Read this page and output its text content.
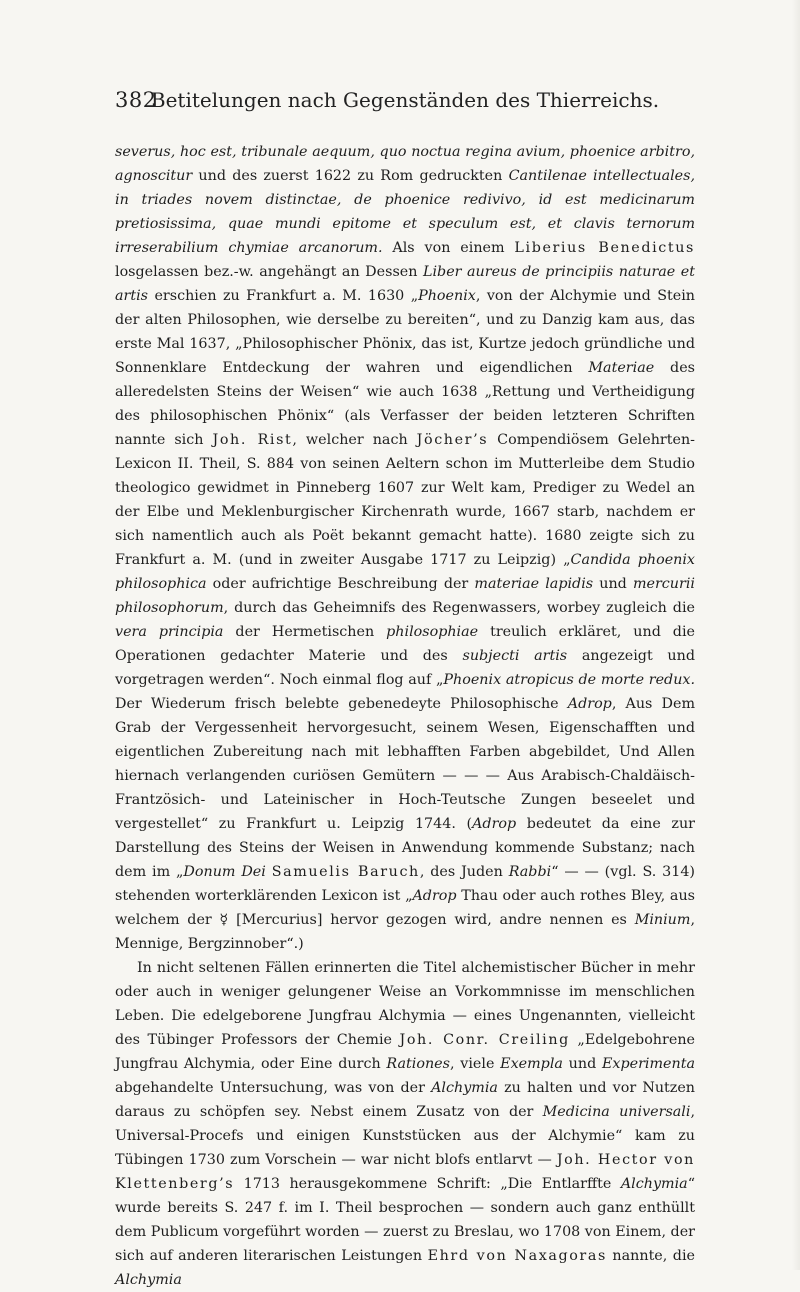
382
Betitelungen nach Gegenständen des Thierreichs.

severus, hoc est, tribunale aequum, quo noctua regina avium, phoenice arbitro, agnoscitur und des zuerst 1622 zu Rom gedruckten Cantilenae intellectuales, in triades novem distinctae, de phoenice redivivo, id est medicinarum pretiosissima, quae mundi epitome et speculum est, et clavis ternorum irreserabilium chymiae arcanorum. Als von einem Liberius Benedictus losgelassen bez.-w. angehängt an Dessen Liber aureus de principiis naturae et artis erschien zu Frankfurt a. M. 1630 „Phoenix, von der Alchymie und Stein der alten Philosophen, wie derselbe zu bereiten“, und zu Danzig kam aus, das erste Mal 1637, „Philosophischer Phönix, das ist, Kurtze jedoch gründliche und Sonnenklare Entdeckung der wahren und eigendlichen Materiae des alleredelsten Steins der Weisen“ wie auch 1638 „Rettung und Vertheidigung des philosophischen Phönix“ (als Verfasser der beiden letzteren Schriften nannte sich Joh. Rist, welcher nach Jöcher’s Compendiösem Gelehrten-Lexicon II. Theil, S. 884 von seinen Aeltern schon im Mutterleibe dem Studio theologico gewidmet in Pinneberg 1607 zur Welt kam, Prediger zu Wedel an der Elbe und Meklenburgischer Kirchenrath wurde, 1667 starb, nachdem er sich namentlich auch als Poët bekannt gemacht hatte). 1680 zeigte sich zu Frankfurt a. M. (und in zweiter Ausgabe 1717 zu Leipzig) „Candida phoenix philosophica oder aufrichtige Beschreibung der materiae lapidis und mercurii philosophorum, durch das Geheimnifs des Regenwassers, worbey zugleich die vera principia der Hermetischen philosophiae treulich erkläret, und die Operationen gedachter Materie und des subjecti artis angezeigt und vorgetragen werden“. Noch einmal flog auf „Phoenix atropicus de morte redux. Der Wiederum frisch belebte gebenedeyte Philosophische Adrop, Aus Dem Grab der Vergessenheit hervorgesucht, seinem Wesen, Eigenschafften und eigentlichen Zubereitung nach mit lebhafften Farben abgebildet, Und Allen hiernach verlangenden curiösen Gemütern — — — Aus Arabisch-Chaldäisch-Frantzösich- und Lateinischer in Hoch-Teutsche Zungen beseelet und vergestellet“ zu Frankfurt u. Leipzig 1744. (Adrop bedeutet da eine zur Darstellung des Steins der Weisen in Anwendung kommende Substanz; nach dem im „Donum Dei Samuelis Baruch, des Juden Rabbi“ — — (vgl. S. 314) stehenden worterklärenden Lexicon ist „Adrop Thau oder auch rothes Bley, aus welchem der ☿ [Mercurius] hervor gezogen wird, andre nennen es Minium, Mennige, Bergzinnober“.)

In nicht seltenen Fällen erinnerten die Titel alchemistischer Bücher in mehr oder auch in weniger gelungener Weise an Vorkommnisse im menschlichen Leben. Die edelgeborene Jungfrau Alchymia — eines Ungenannten, vielleicht des Tübinger Professors der Chemie Joh. Conr. Creiling „Edelgebohrene Jungfrau Alchymia, oder Eine durch Rationes, viele Exempla und Experimenta abgehandelte Untersuchung, was von der Alchymia zu halten und vor Nutzen daraus zu schöpfen sey. Nebst einem Zusatz von der Medicina universali, Universal-Procefs und einigen Kunststücken aus der Alchymie“ kam zu Tübingen 1730 zum Vorschein — war nicht blofs entlarvt — Joh. Hector von Klettenberg’s 1713 herausgekommene Schrift: „Die Entlarffte Alchymia“ wurde bereits S. 247 f. im I. Theil besprochen — sondern auch ganz enthüllt dem Publicum vorgeführt worden — zuerst zu Breslau, wo 1708 von Einem, der sich auf anderen literarischen Leistungen Ehrd von Naxagoras nannte, die Alchymia
